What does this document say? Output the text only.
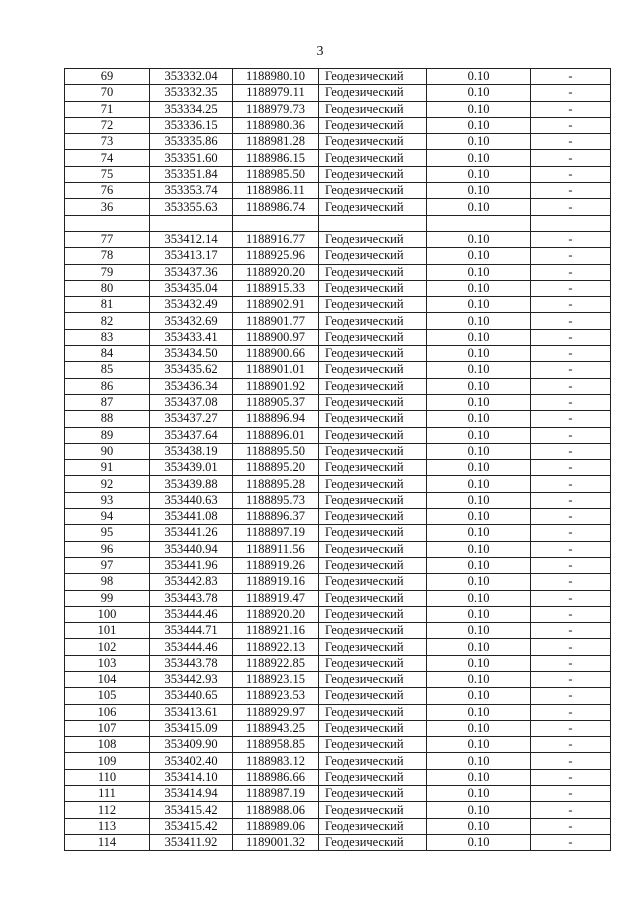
3
69	353332.04	1188980.10	Геодезический	0.10	-
70	353332.35	1188979.11	Геодезический	0.10	-
71	353334.25	1188979.73	Геодезический	0.10	-
72	353336.15	1188980.36	Геодезический	0.10	-
73	353335.86	1188981.28	Геодезический	0.10	-
74	353351.60	1188986.15	Геодезический	0.10	-
75	353351.84	1188985.50	Геодезический	0.10	-
76	353353.74	1188986.11	Геодезический	0.10	-
36	353355.63	1188986.74	Геодезический	0.10	-

77	353412.14	1188916.77	Геодезический	0.10	-
78	353413.17	1188925.96	Геодезический	0.10	-
79	353437.36	1188920.20	Геодезический	0.10	-
80	353435.04	1188915.33	Геодезический	0.10	-
81	353432.49	1188902.91	Геодезический	0.10	-
82	353432.69	1188901.77	Геодезический	0.10	-
83	353433.41	1188900.97	Геодезический	0.10	-
84	353434.50	1188900.66	Геодезический	0.10	-
85	353435.62	1188901.01	Геодезический	0.10	-
86	353436.34	1188901.92	Геодезический	0.10	-
87	353437.08	1188905.37	Геодезический	0.10	-
88	353437.27	1188896.94	Геодезический	0.10	-
89	353437.64	1188896.01	Геодезический	0.10	-
90	353438.19	1188895.50	Геодезический	0.10	-
91	353439.01	1188895.20	Геодезический	0.10	-
92	353439.88	1188895.28	Геодезический	0.10	-
93	353440.63	1188895.73	Геодезический	0.10	-
94	353441.08	1188896.37	Геодезический	0.10	-
95	353441.26	1188897.19	Геодезический	0.10	-
96	353440.94	1188911.56	Геодезический	0.10	-
97	353441.96	1188919.26	Геодезический	0.10	-
98	353442.83	1188919.16	Геодезический	0.10	-
99	353443.78	1188919.47	Геодезический	0.10	-
100	353444.46	1188920.20	Геодезический	0.10	-
101	353444.71	1188921.16	Геодезический	0.10	-
102	353444.46	1188922.13	Геодезический	0.10	-
103	353443.78	1188922.85	Геодезический	0.10	-
104	353442.93	1188923.15	Геодезический	0.10	-
105	353440.65	1188923.53	Геодезический	0.10	-
106	353413.61	1188929.97	Геодезический	0.10	-
107	353415.09	1188943.25	Геодезический	0.10	-
108	353409.90	1188958.85	Геодезический	0.10	-
109	353402.40	1188983.12	Геодезический	0.10	-
110	353414.10	1188986.66	Геодезический	0.10	-
111	353414.94	1188987.19	Геодезический	0.10	-
112	353415.42	1188988.06	Геодезический	0.10	-
113	353415.42	1188989.06	Геодезический	0.10	-
114	353411.92	1189001.32	Геодезический	0.10	-
